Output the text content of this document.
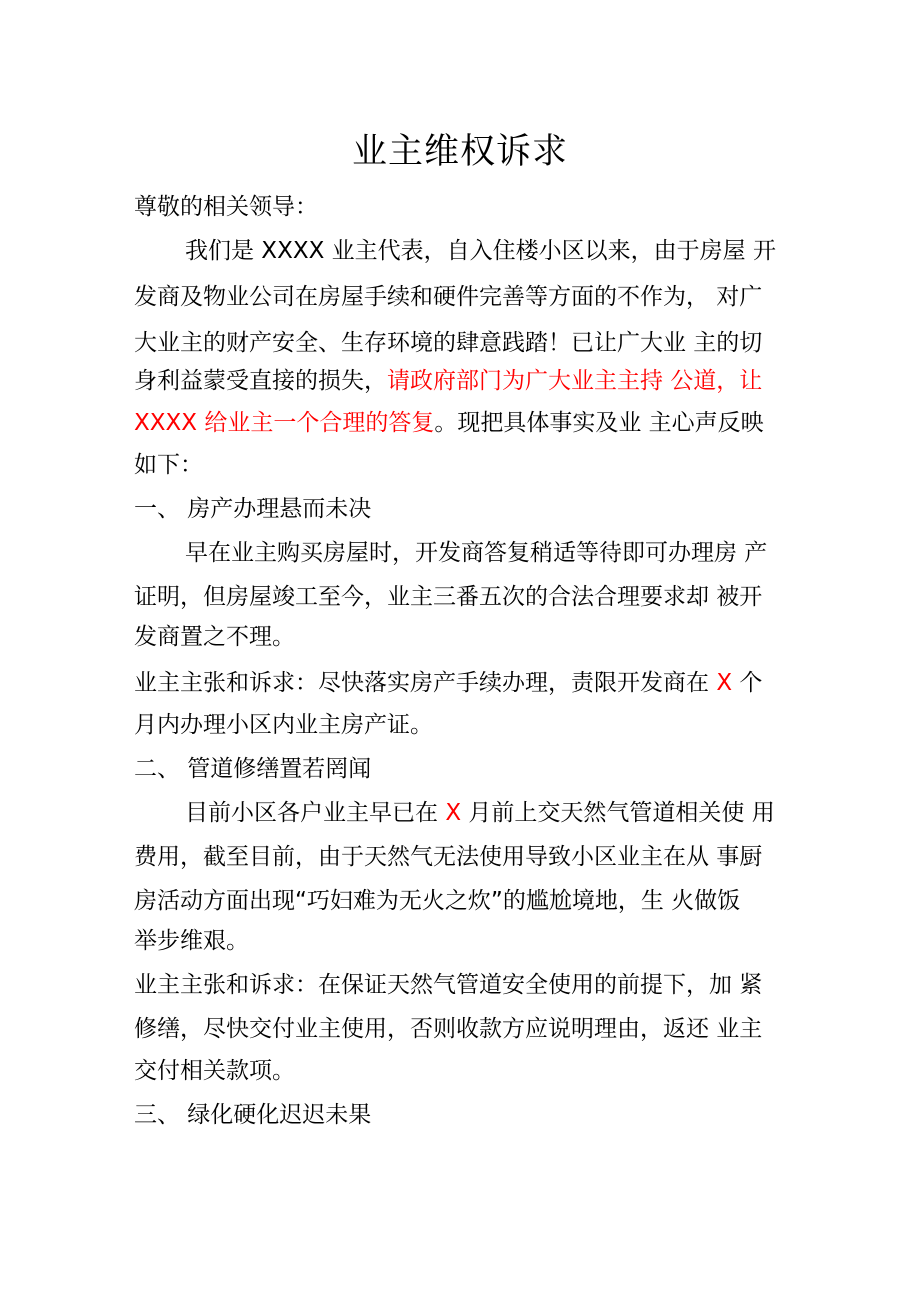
业主维权诉求
尊敬的相关领导：
我们是 XXXX 业主代表，自入住楼小区以来，由于房屋 开
发商及物业公司在房屋手续和硬件完善等方面的不作为， 对广
大业主的财产安全、生存环境的肆意践踏！已让广大业 主的切
身利益蒙受直接的损失，请政府部门为广大业主主持 公道，让
XXXX 给业主一个合理的答复。现把具体事实及业 主心声反映
如下：
一、 房产办理悬而未决
早在业主购买房屋时，开发商答复稍适等待即可办理房 产
证明，但房屋竣工至今，业主三番五次的合法合理要求却 被开
发商置之不理。
业主主张和诉求：尽快落实房产手续办理，责限开发商在 X 个
月内办理小区内业主房产证。
二、 管道修缮置若罔闻
目前小区各户业主早已在 X 月前上交天然气管道相关使 用
费用，截至目前，由于天然气无法使用导致小区业主在从 事厨
房活动方面出现“巧妇难为无火之炊”的尴尬境地，生 火做饭
举步维艰。
业主主张和诉求：在保证天然气管道安全使用的前提下，加 紧
修缮，尽快交付业主使用，否则收款方应说明理由，返还 业主
交付相关款项。
三、 绿化硬化迟迟未果
